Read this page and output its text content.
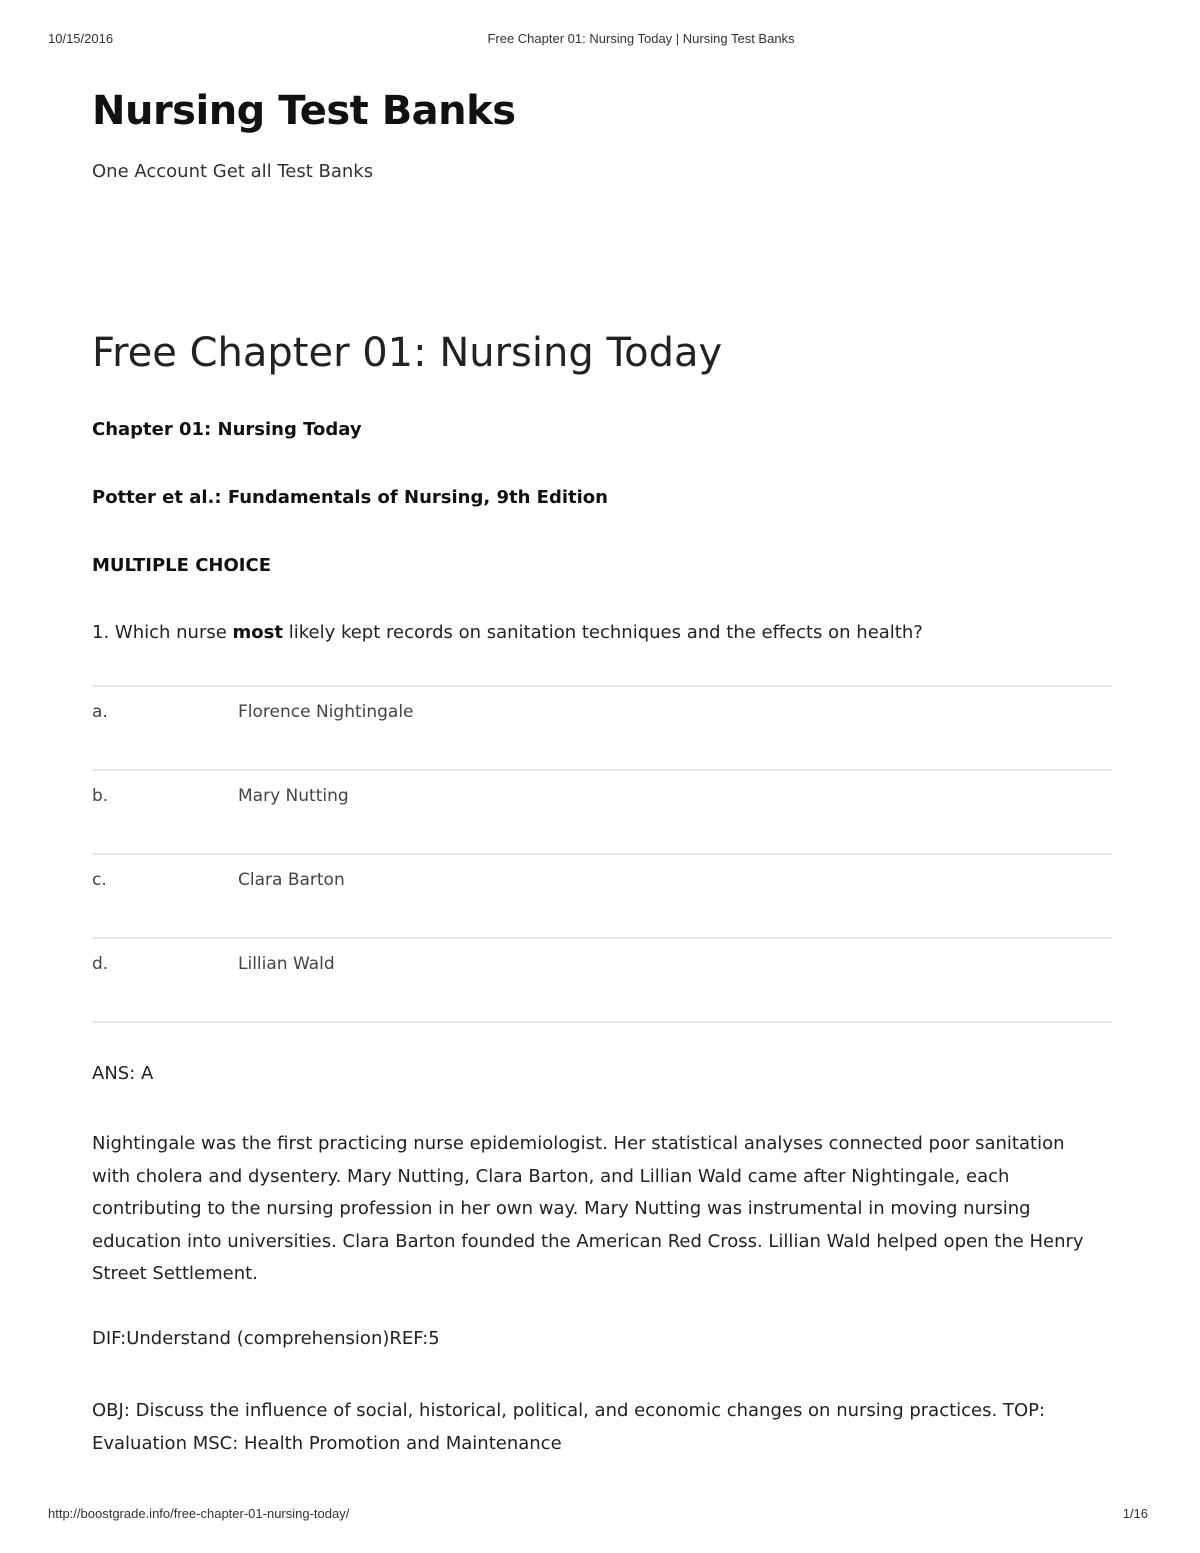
10/15/2016	Free Chapter 01: Nursing Today | Nursing Test Banks
Nursing Test Banks
One Account Get all Test Banks
Free Chapter 01: Nursing Today
Chapter 01: Nursing Today
Potter et al.: Fundamentals of Nursing, 9th Edition
MULTIPLE CHOICE
1. Which nurse most likely kept records on sanitation techniques and the effects on health?
a.	Florence Nightingale
b.	Mary Nutting
c.	Clara Barton
d.	Lillian Wald
ANS: A

Nightingale was the first practicing nurse epidemiologist. Her statistical analyses connected poor sanitation with cholera and dysentery. Mary Nutting, Clara Barton, and Lillian Wald came after Nightingale, each contributing to the nursing profession in her own way. Mary Nutting was instrumental in moving nursing education into universities. Clara Barton founded the American Red Cross. Lillian Wald helped open the Henry Street Settlement.

DIF:Understand (comprehension)REF:5

OBJ: Discuss the influence of social, historical, political, and economic changes on nursing practices. TOP: Evaluation MSC: Health Promotion and Maintenance

http://boostgrade.info/free-chapter-01-nursing-today/	1/16
